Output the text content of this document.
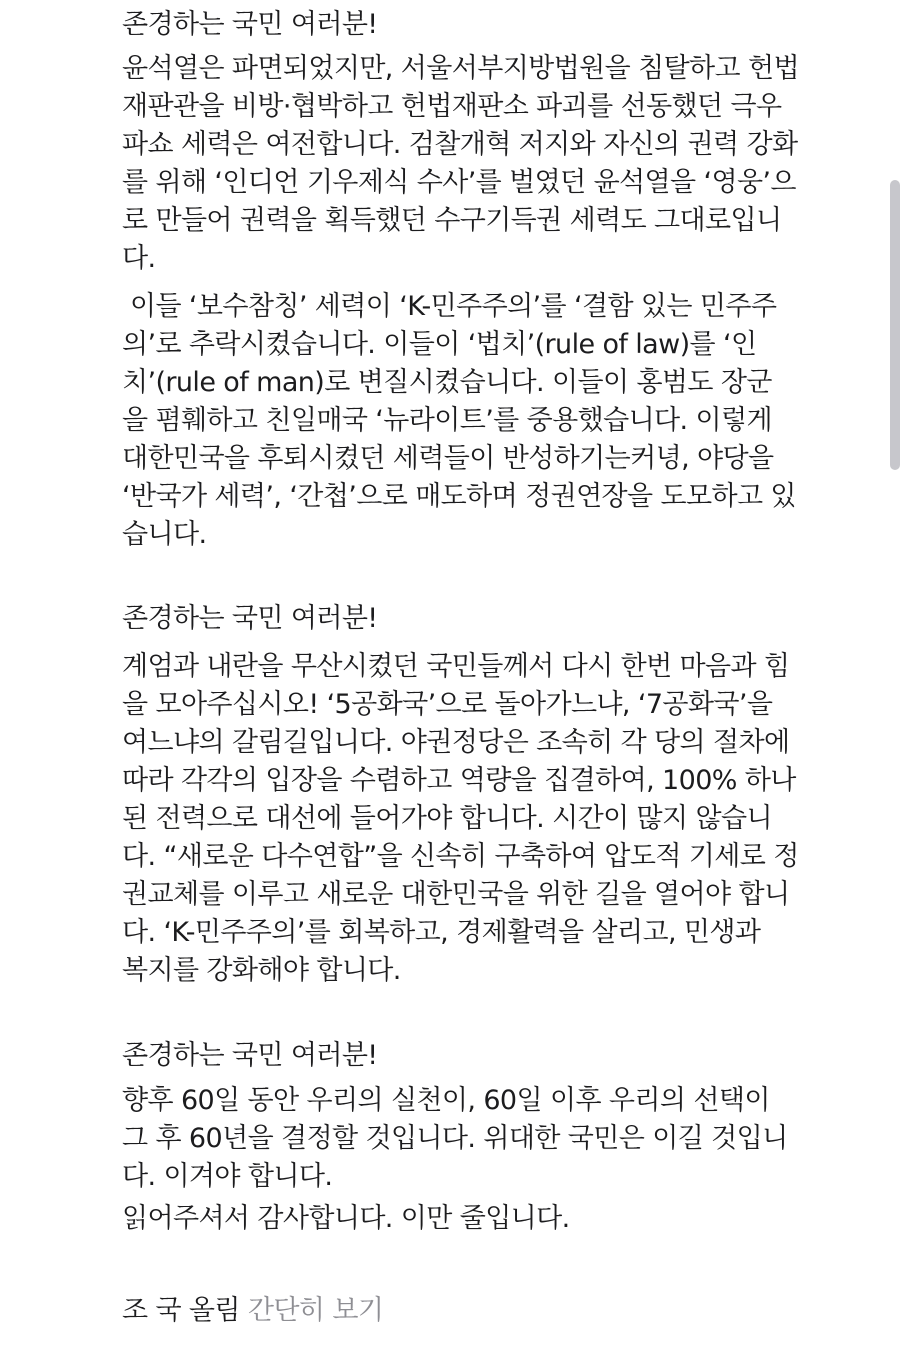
존경하는 국민 여러분!
윤석열은 파면되었지만, 서울서부지방법원을 침탈하고 헌법
재판관을 비방·협박하고 헌법재판소 파괴를 선동했던 극우
파쇼 세력은 여전합니다. 검찰개혁 저지와 자신의 권력 강화
를 위해 ‘인디언 기우제식 수사’를 벌였던 윤석열을 ‘영웅’으
로 만들어 권력을 획득했던 수구기득권 세력도 그대로입니
다.
이들 ‘보수참칭’ 세력이 ‘K-민주주의’를 ‘결함 있는 민주주
의’로 추락시켰습니다. 이들이 ‘법치’(rule of law)를 ‘인
치’(rule of man)로 변질시켰습니다. 이들이 홍범도 장군
을 폄훼하고 친일매국 ‘뉴라이트’를 중용했습니다. 이렇게
대한민국을 후퇴시켰던 세력들이 반성하기는커녕, 야당을
‘반국가 세력’, ‘간첩’으로 매도하며 정권연장을 도모하고 있
습니다.
존경하는 국민 여러분!
계엄과 내란을 무산시켰던 국민들께서 다시 한번 마음과 힘
을 모아주십시오! ‘5공화국’으로 돌아가느냐, ‘7공화국’을
여느냐의 갈림길입니다. 야권정당은 조속히 각 당의 절차에
따라 각각의 입장을 수렴하고 역량을 집결하여, 100% 하나
된 전력으로 대선에 들어가야 합니다. 시간이 많지 않습니
다. “새로운 다수연합”을 신속히 구축하여 압도적 기세로 정
권교체를 이루고 새로운 대한민국을 위한 길을 열어야 합니
다. ‘K-민주주의’를 회복하고, 경제활력을 살리고, 민생과
복지를 강화해야 합니다.
존경하는 국민 여러분!
향후 60일 동안 우리의 실천이, 60일 이후 우리의 선택이
그 후 60년을 결정할 것입니다. 위대한 국민은 이길 것입니
다. 이겨야 합니다.
읽어주셔서 감사합니다. 이만 줄입니다.
조 국 올림 간단히 보기
